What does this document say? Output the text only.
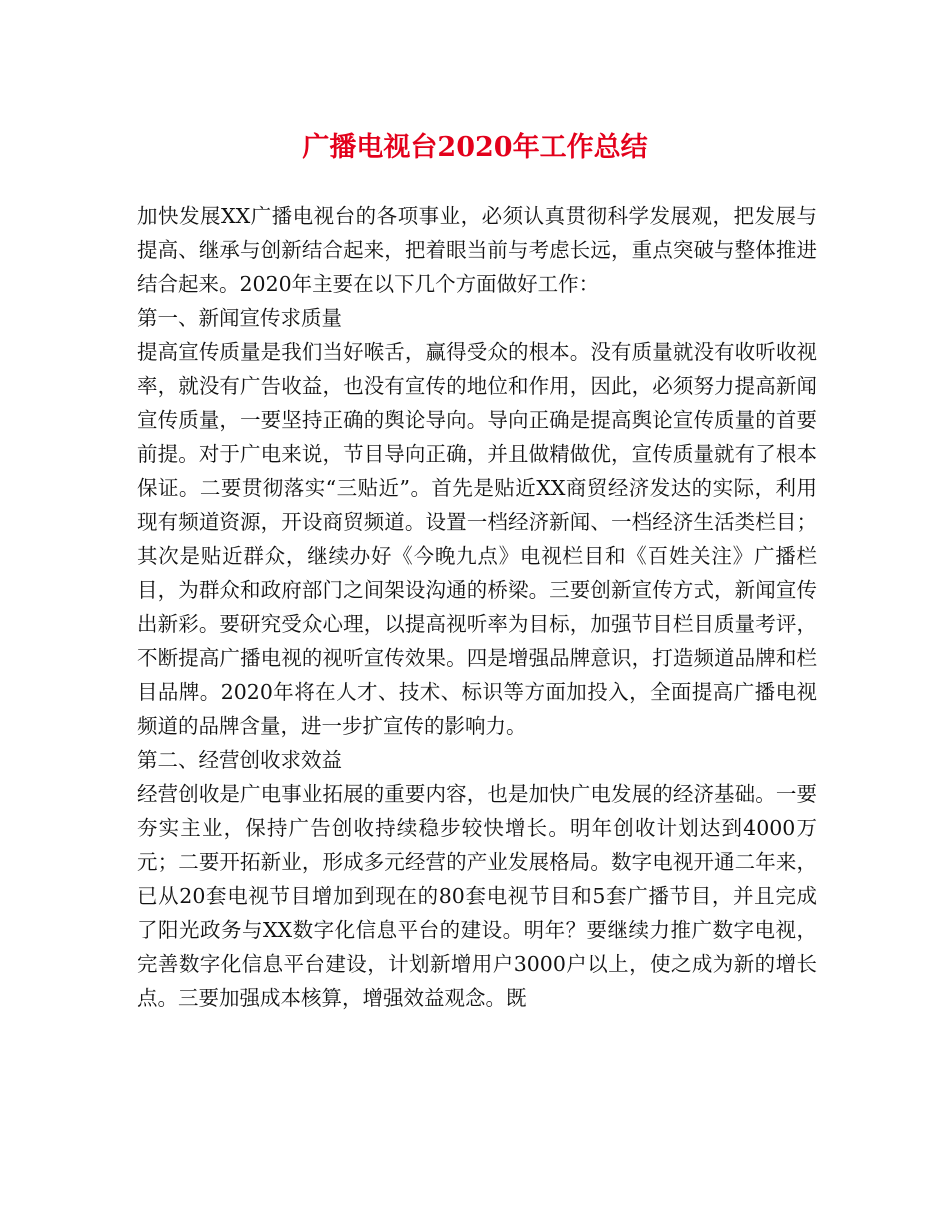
广播电视台2020年工作总结

加快发展XX广播电视台的各项事业，必须认真贯彻科学发展观，把发展与提高、继承与创新结合起来，把着眼当前与考虑长远，重点突破与整体推进结合起来。2020年主要在以下几个方面做好工作：

第一、新闻宣传求质量

提高宣传质量是我们当好喉舌，赢得受众的根本。没有质量就没有收听收视率，就没有广告收益，也没有宣传的地位和作用，因此，必须努力提高新闻宣传质量，一要坚持正确的舆论导向。导向正确是提高舆论宣传质量的首要前提。对于广电来说，节目导向正确，并且做精做优，宣传质量就有了根本保证。二要贯彻落实“三贴近”。首先是贴近XX商贸经济发达的实际，利用现有频道资源，开设商贸频道。设置一档经济新闻、一档经济生活类栏目；其次是贴近群众，继续办好《今晚九点》电视栏目和《百姓关注》广播栏目，为群众和政府部门之间架设沟通的桥梁。三要创新宣传方式，新闻宣传出新彩。要研究受众心理，以提高视听率为目标，加强节目栏目质量考评，不断提高广播电视的视听宣传效果。四是增强品牌意识，打造频道品牌和栏目品牌。2020年将在人才、技术、标识等方面加投入，全面提高广播电视频道的品牌含量，进一步扩宣传的影响力。

第二、经营创收求效益

经营创收是广电事业拓展的重要内容，也是加快广电发展的经济基础。一要夯实主业，保持广告创收持续稳步较快增长。明年创收计划达到4000万元；二要开拓新业，形成多元经营的产业发展格局。数字电视开通二年来，已从20套电视节目增加到现在的80套电视节目和5套广播节目，并且完成了阳光政务与XX数字化信息平台的建设。明年？要继续力推广数字电视，完善数字化信息平台建设，计划新增用户3000户以上，使之成为新的增长点。三要加强成本核算，增强效益观念。既
